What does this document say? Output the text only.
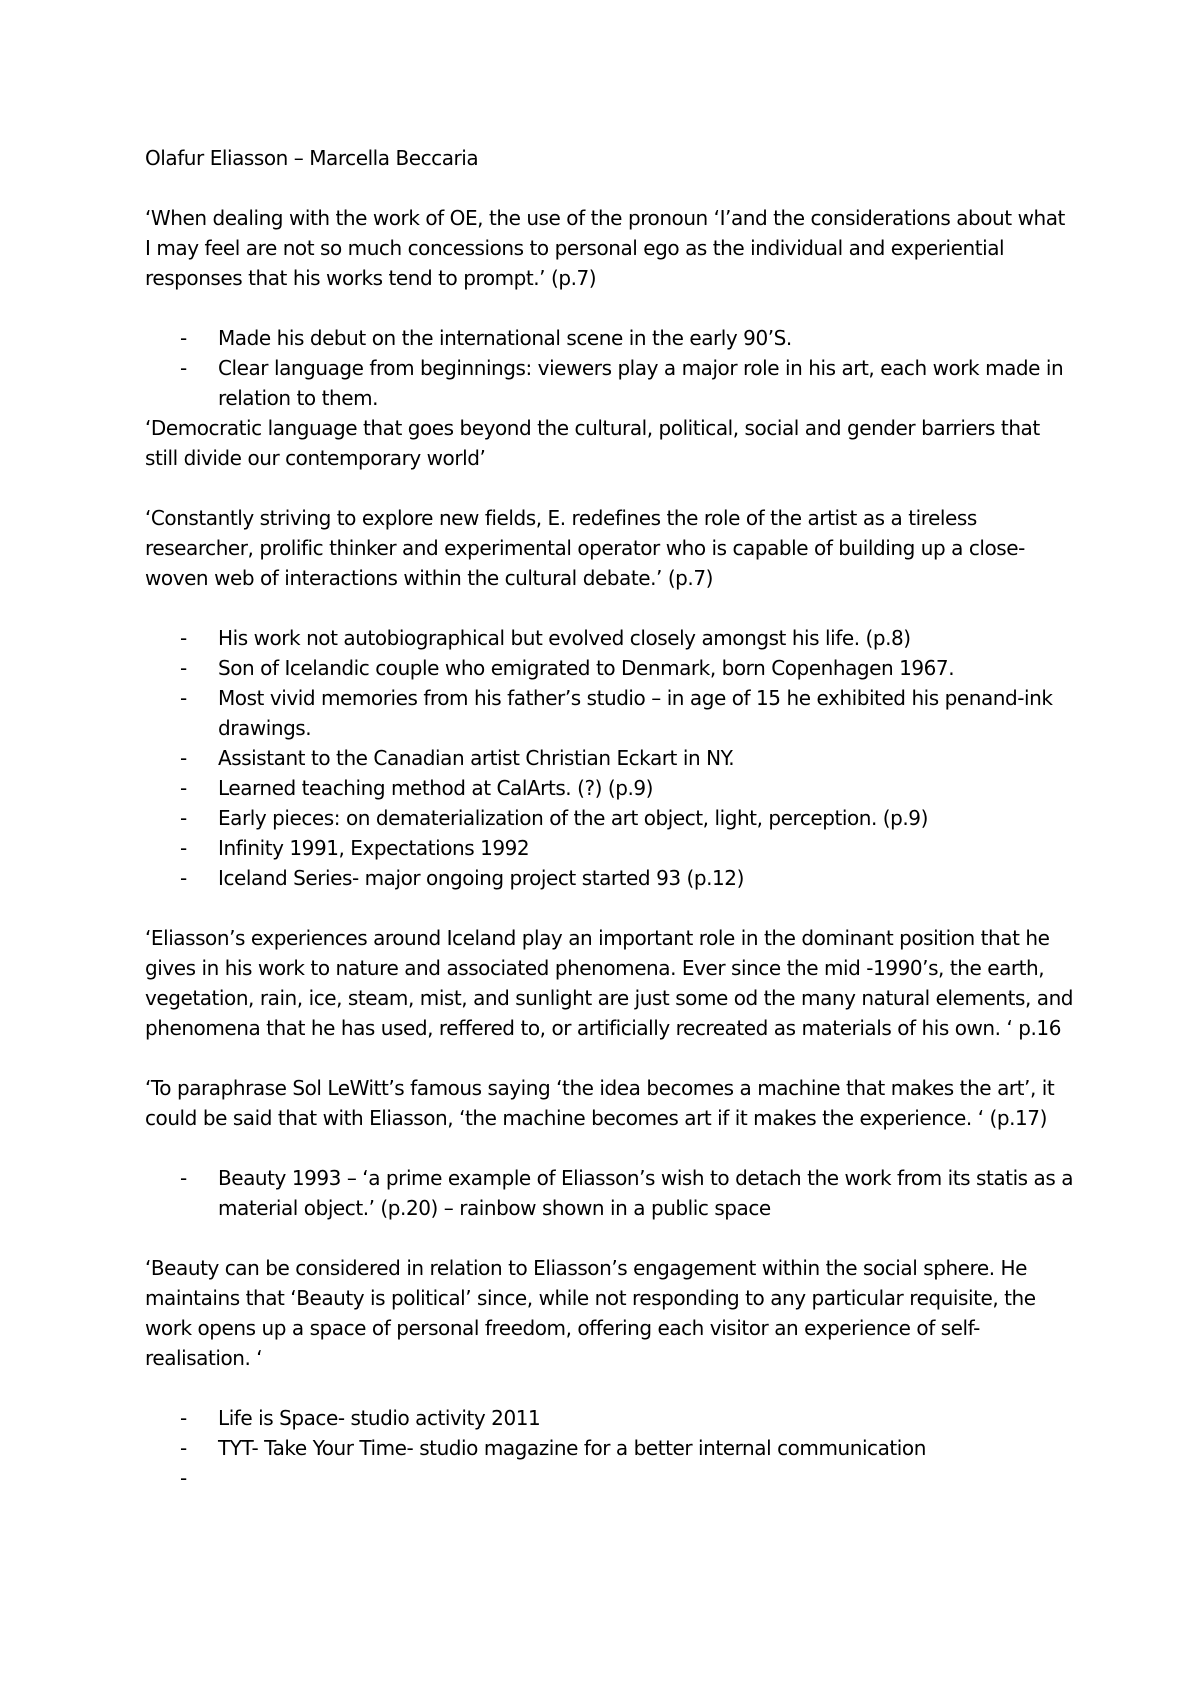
Olafur Eliasson – Marcella Beccaria

‘When dealing with the work of OE, the use of the pronoun ‘I’and the considerations about what I may feel are not so much concessions to personal ego as the individual and experiential responses that his works tend to prompt.’ (p.7)

- Made his debut on the international scene in the early 90’S.
- Clear language from beginnings: viewers play a major role in his art, each work made in relation to them.

‘Democratic language that goes beyond the cultural, political, social and gender barriers that still divide our contemporary world’

‘Constantly striving to explore new fields, E. redefines the role of the artist as a tireless researcher, prolific thinker and experimental operator who is capable of building up a close-woven web of interactions within the cultural debate.’ (p.7)

- His work not autobiographical but evolved closely amongst his life. (p.8)
- Son of Icelandic couple who emigrated to Denmark, born Copenhagen 1967.
- Most vivid memories from his father’s studio – in age of 15 he exhibited his penand-ink drawings.
- Assistant to the Canadian artist Christian Eckart in NY.
- Learned teaching method at CalArts. (?) (p.9)
- Early pieces: on dematerialization of the art object, light, perception. (p.9)
- Infinity 1991, Expectations 1992
- Iceland Series- major ongoing project started 93 (p.12)

‘Eliasson’s experiences around Iceland play an important role in the dominant position that he gives in his work to nature and associated phenomena. Ever since the mid -1990’s, the earth, vegetation, rain, ice, steam, mist, and sunlight are just some od the many natural elements, and phenomena that he has used, reffered to, or artificially recreated as materials of his own. ‘ p.16

‘To paraphrase Sol LeWitt’s famous saying ‘the idea becomes a machine that makes the art’, it could be said that with Eliasson, ‘the machine becomes art if it makes the experience. ‘ (p.17)

- Beauty 1993 – ‘a prime example of Eliasson’s wish to detach the work from its statis as a material object.’ (p.20) – rainbow shown in a public space

‘Beauty can be considered in relation to Eliasson’s engagement within the social sphere. He maintains that ‘Beauty is political’ since, while not responding to any particular requisite, the work opens up a space of personal freedom, offering each visitor an experience of self-realisation. ‘

- Life is Space- studio activity 2011
- TYT- Take Your Time- studio magazine for a better internal communication
-
